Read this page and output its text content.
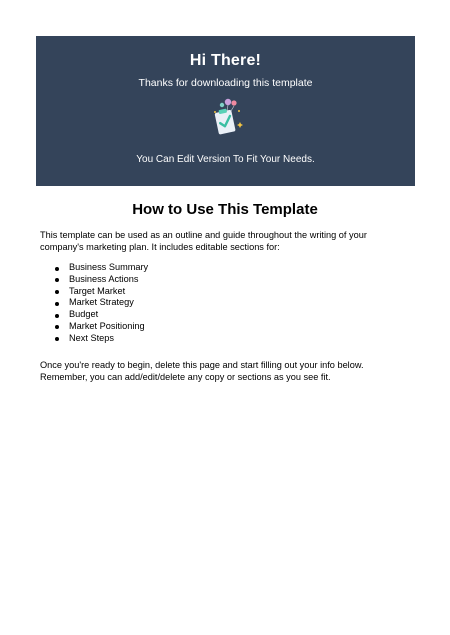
Hi There!
Thanks for downloading this template
You Can Edit Version To Fit Your Needs.
How to Use This Template

This template can be used as an outline and guide throughout the writing of your company's marketing plan. It includes editable sections for:

Business Summary
Business Actions
Target Market
Market Strategy
Budget
Market Positioning
Next Steps

Once you're ready to begin, delete this page and start filling out your info below. Remember, you can add/edit/delete any copy or sections as you see fit.
